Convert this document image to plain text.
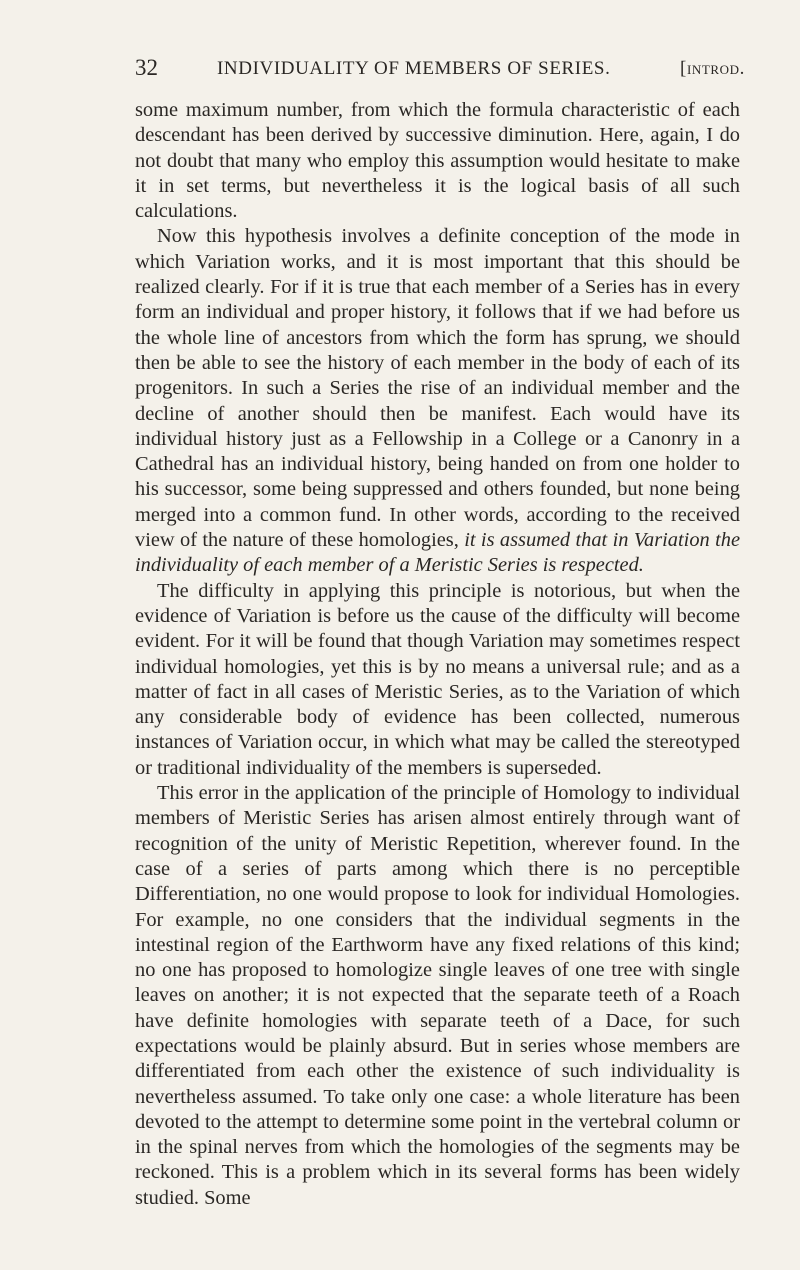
32	INDIVIDUALITY OF MEMBERS OF SERIES.	[introd.

some maximum number, from which the formula characteristic of each descendant has been derived by successive diminution. Here, again, I do not doubt that many who employ this assumption would hesitate to make it in set terms, but nevertheless it is the logical basis of all such calculations.

Now this hypothesis involves a definite conception of the mode in which Variation works, and it is most important that this should be realized clearly. For if it is true that each member of a Series has in every form an individual and proper history, it follows that if we had before us the whole line of ancestors from which the form has sprung, we should then be able to see the history of each member in the body of each of its progenitors. In such a Series the rise of an individual member and the decline of another should then be manifest. Each would have its individual history just as a Fellowship in a College or a Canonry in a Cathedral has an individual history, being handed on from one holder to his successor, some being suppressed and others founded, but none being merged into a common fund. In other words, according to the received view of the nature of these homologies, it is assumed that in Variation the individuality of each member of a Meristic Series is respected.

The difficulty in applying this principle is notorious, but when the evidence of Variation is before us the cause of the difficulty will become evident. For it will be found that though Variation may sometimes respect individual homologies, yet this is by no means a universal rule; and as a matter of fact in all cases of Meristic Series, as to the Variation of which any considerable body of evidence has been collected, numerous instances of Variation occur, in which what may be called the stereotyped or traditional individuality of the members is superseded.

This error in the application of the principle of Homology to individual members of Meristic Series has arisen almost entirely through want of recognition of the unity of Meristic Repetition, wherever found. In the case of a series of parts among which there is no perceptible Differentiation, no one would propose to look for individual Homologies. For example, no one considers that the individual segments in the intestinal region of the Earthworm have any fixed relations of this kind; no one has proposed to homologize single leaves of one tree with single leaves on another; it is not expected that the separate teeth of a Roach have definite homologies with separate teeth of a Dace, for such expectations would be plainly absurd. But in series whose members are differentiated from each other the existence of such individuality is nevertheless assumed. To take only one case: a whole literature has been devoted to the attempt to determine some point in the vertebral column or in the spinal nerves from which the homologies of the segments may be reckoned. This is a problem which in its several forms has been widely studied. Some
